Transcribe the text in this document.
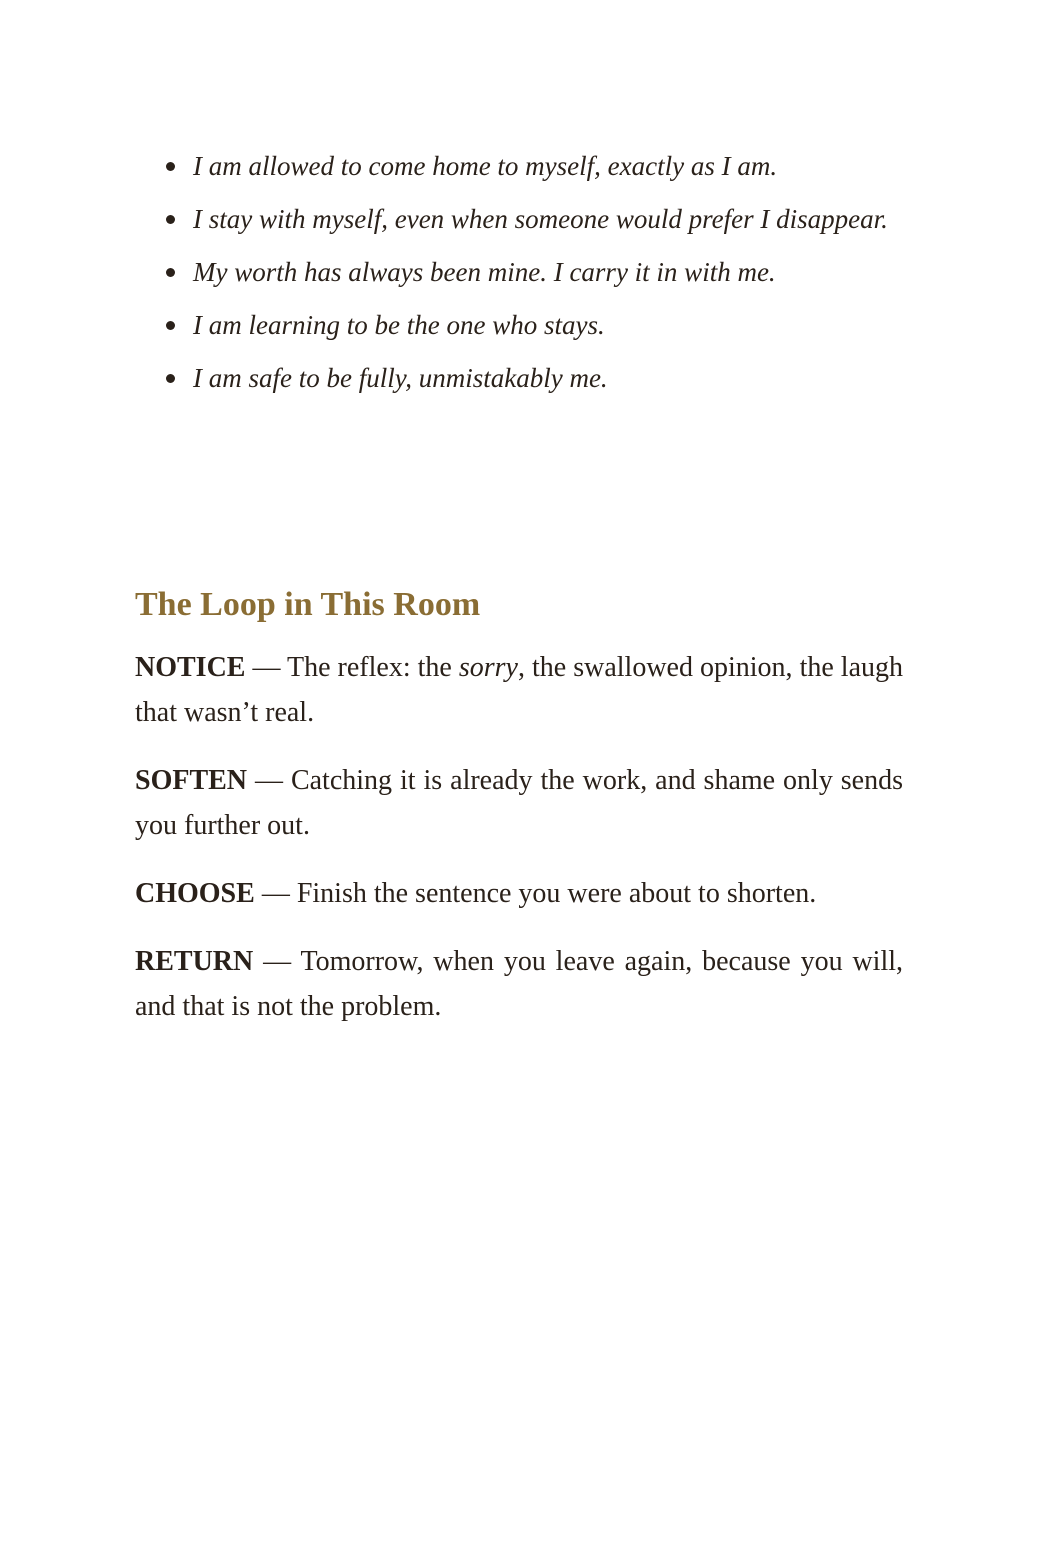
I am allowed to come home to myself, exactly as I am.
I stay with myself, even when someone would prefer I disappear.
My worth has always been mine. I carry it in with me.
I am learning to be the one who stays.
I am safe to be fully, unmistakably me.
The Loop in This Room

NOTICE — The reflex: the sorry, the swallowed opinion, the laugh that wasn’t real.

SOFTEN — Catching it is already the work, and shame only sends you further out.

CHOOSE — Finish the sentence you were about to shorten.

RETURN — Tomorrow, when you leave again, because you will, and that is not the problem.
